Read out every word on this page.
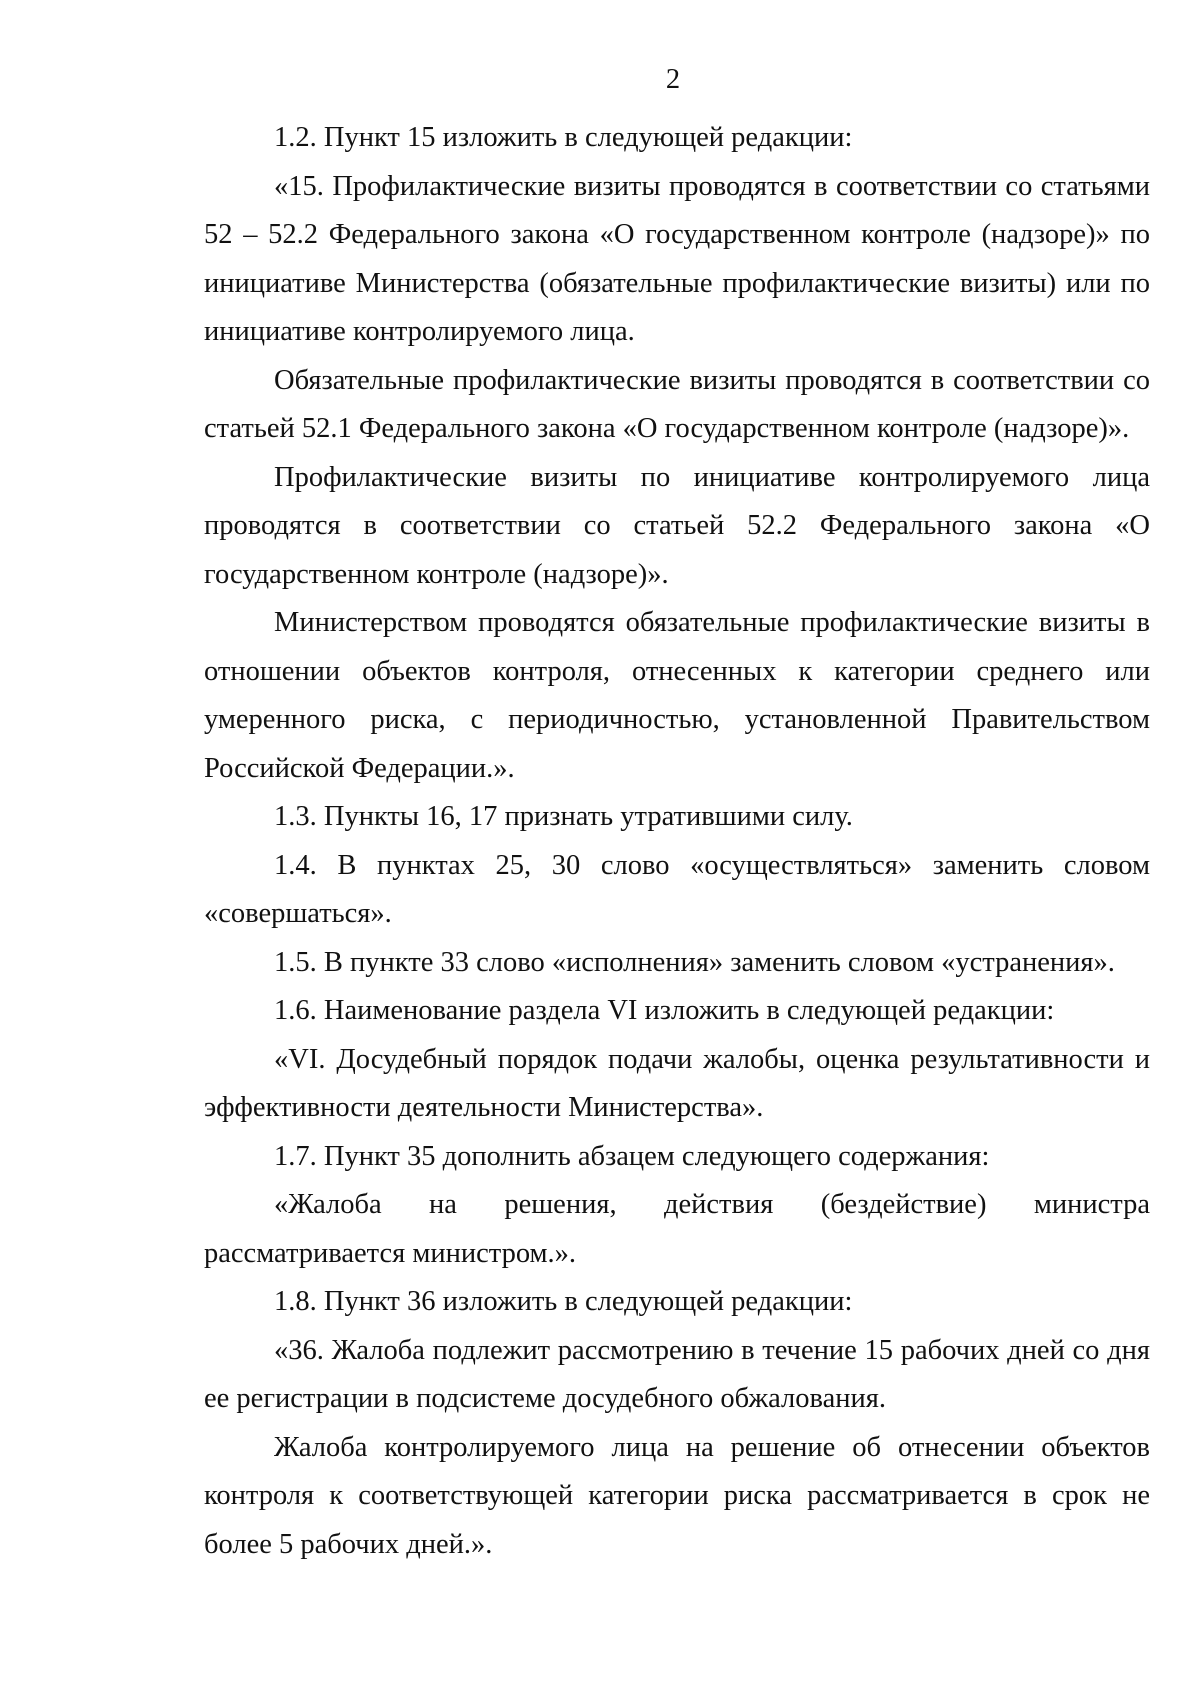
2

1.2. Пункт 15 изложить в следующей редакции:

«15. Профилактические визиты проводятся в соответствии со статьями 52 – 52.2 Федерального закона «О государственном контроле (надзоре)» по инициативе Министерства (обязательные профилактические визиты) или по инициативе контролируемого лица.

Обязательные профилактические визиты проводятся в соответствии со статьей 52.1 Федерального закона «О государственном контроле (надзоре)».

Профилактические визиты по инициативе контролируемого лица проводятся в соответствии со статьей 52.2 Федерального закона «О государственном контроле (надзоре)».

Министерством проводятся обязательные профилактические визиты в отношении объектов контроля, отнесенных к категории среднего или умеренного риска, с периодичностью, установленной Правительством Российской Федерации.».

1.3. Пункты 16, 17 признать утратившими силу.

1.4. В пунктах 25, 30 слово «осуществляться» заменить словом «совершаться».

1.5. В пункте 33 слово «исполнения» заменить словом «устранения».

1.6. Наименование раздела VI изложить в следующей редакции:

«VI. Досудебный порядок подачи жалобы, оценка результативности и эффективности деятельности Министерства».

1.7. Пункт 35 дополнить абзацем следующего содержания:

«Жалоба на решения, действия (бездействие) министра рассматривается министром.».

1.8. Пункт 36 изложить в следующей редакции:

«36. Жалоба подлежит рассмотрению в течение 15 рабочих дней со дня ее регистрации в подсистеме досудебного обжалования.

Жалоба контролируемого лица на решение об отнесении объектов контроля к соответствующей категории риска рассматривается в срок не более 5 рабочих дней.».
